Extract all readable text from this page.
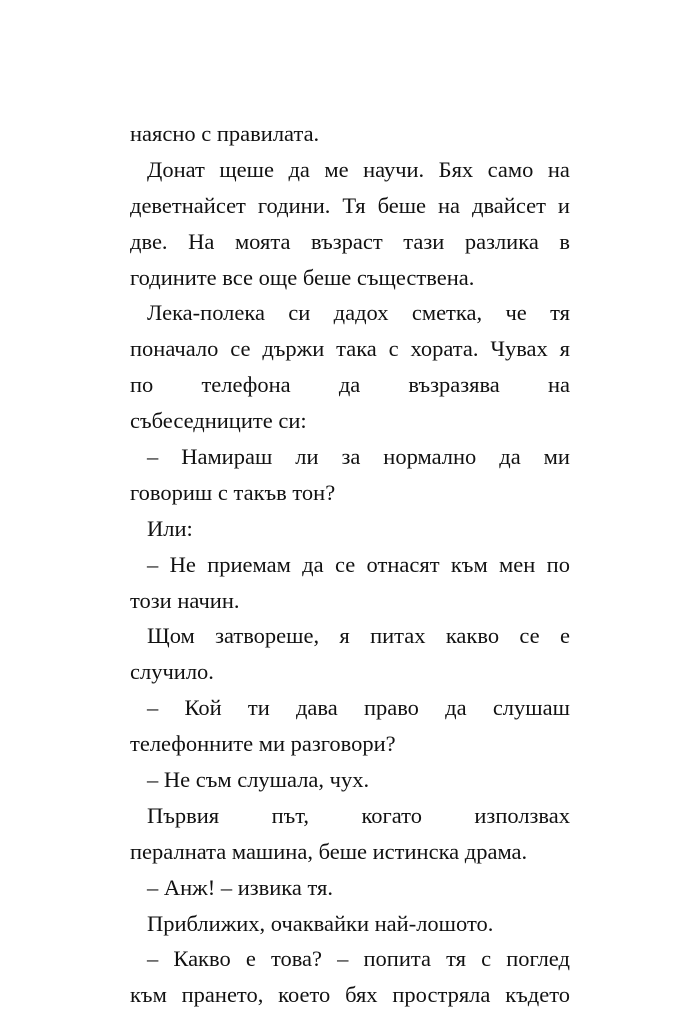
наясно с правилата.
Донат щеше да ме научи. Бях само на
деветнайсет години. Тя беше на двайсет и
две. На моята възраст тази разлика в
годините все още беше съществена.
Лека-полека си дадох сметка, че тя
поначало се държи така с хората. Чувах я
по телефона да възразява на
събеседниците си:
– Намираш ли за нормално да ми
говориш с такъв тон?
Или:
– Не приемам да се отнасят към мен по
този начин.
Щом затвореше, я питах какво се е
случило.
– Кой ти дава право да слушаш
телефонните ми разговори?
– Не съм слушала, чух.
Първия път, когато използвах
пералната машина, беше истинска драма.
– Анж! – извика тя.
Приближих, очаквайки най-лошото.
– Какво е това? – попита тя с поглед
към прането, което бях простряла където
